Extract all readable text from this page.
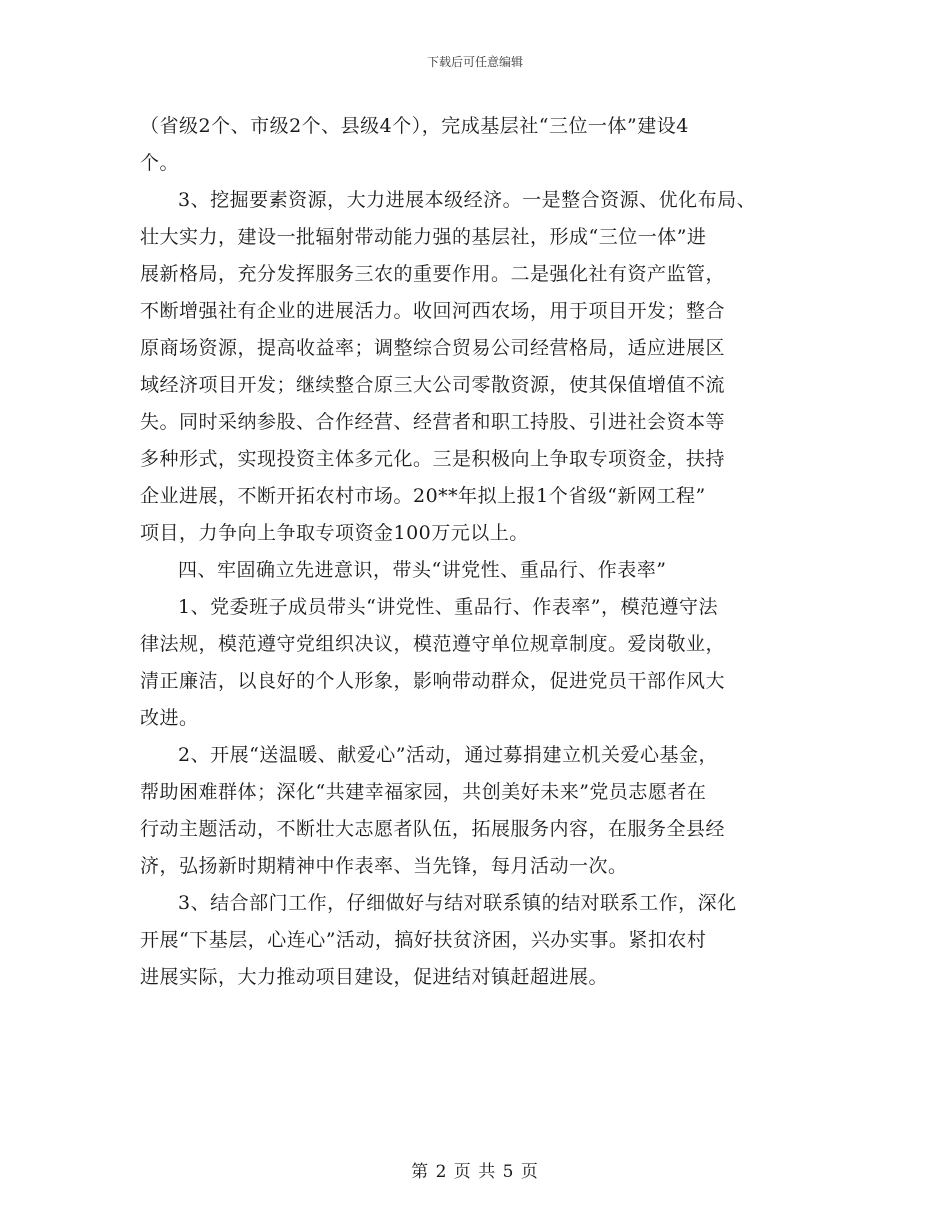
下载后可任意编辑
（省级2个、市级2个、县级4个），完成基层社“三位一体”建设4
个。
3、挖掘要素资源，大力进展本级经济。一是整合资源、优化布局、
壮大实力，建设一批辐射带动能力强的基层社，形成“三位一体”进
展新格局，充分发挥服务三农的重要作用。二是强化社有资产监管，
不断增强社有企业的进展活力。收回河西农场，用于项目开发；整合
原商场资源，提高收益率；调整综合贸易公司经营格局，适应进展区
域经济项目开发；继续整合原三大公司零散资源，使其保值增值不流
失。同时采纳参股、合作经营、经营者和职工持股、引进社会资本等
多种形式，实现投资主体多元化。三是积极向上争取专项资金，扶持
企业进展，不断开拓农村市场。20**年拟上报1个省级“新网工程”
项目，力争向上争取专项资金100万元以上。
四、牢固确立先进意识，带头“讲党性、重品行、作表率”
1、党委班子成员带头“讲党性、重品行、作表率”，模范遵守法
律法规，模范遵守党组织决议，模范遵守单位规章制度。爱岗敬业，
清正廉洁，以良好的个人形象，影响带动群众，促进党员干部作风大
改进。
2、开展“送温暖、献爱心”活动，通过募捐建立机关爱心基金，
帮助困难群体；深化“共建幸福家园，共创美好未来”党员志愿者在
行动主题活动，不断壮大志愿者队伍，拓展服务内容，在服务全县经
济，弘扬新时期精神中作表率、当先锋，每月活动一次。
3、结合部门工作，仔细做好与结对联系镇的结对联系工作，深化
开展“下基层，心连心”活动，搞好扶贫济困，兴办实事。紧扣农村
进展实际，大力推动项目建设，促进结对镇赶超进展。
第 2 页 共 5 页
